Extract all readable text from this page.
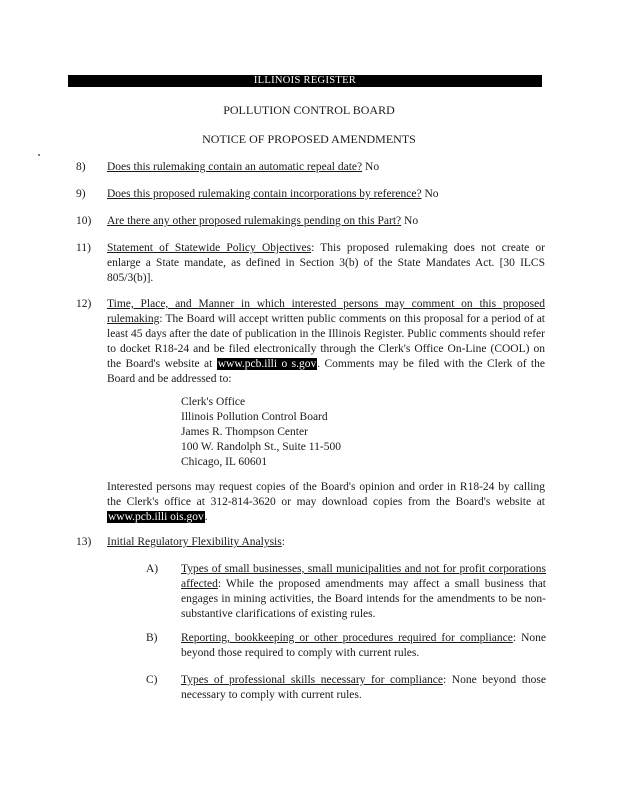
ILLINOIS REGISTER
POLLUTION CONTROL BOARD
NOTICE OF PROPOSED AMENDMENTS
8) Does this rulemaking contain an automatic repeal date? No
9) Does this proposed rulemaking contain incorporations by reference? No
10) Are there any other proposed rulemakings pending on this Part? No
11) Statement of Statewide Policy Objectives: This proposed rulemaking does not create or enlarge a State mandate, as defined in Section 3(b) of the State Mandates Act. [30 ILCS 805/3(b)].
12) Time, Place, and Manner in which interested persons may comment on this proposed rulemaking: The Board will accept written public comments on this proposal for a period of at least 45 days after the date of publication in the Illinois Register. Public comments should refer to docket R18-24 and be filed electronically through the Clerk's Office On-Line (COOL) on the Board's website at www.pcb.illi o s.gov. Comments may be filed with the Clerk of the Board and be addressed to:
Clerk's Office
Illinois Pollution Control Board
James R. Thompson Center
100 W. Randolph St., Suite 11-500
Chicago, IL 60601
Interested persons may request copies of the Board's opinion and order in R18-24 by calling the Clerk's office at 312-814-3620 or may download copies from the Board's website at www.pcb.illi ois.gov.
13) Initial Regulatory Flexibility Analysis:
A) Types of small businesses, small municipalities and not for profit corporations affected: While the proposed amendments may affect a small business that engages in mining activities, the Board intends for the amendments to be non-substantive clarifications of existing rules.
B) Reporting, bookkeeping or other procedures required for compliance: None beyond those required to comply with current rules.
C) Types of professional skills necessary for compliance: None beyond those necessary to comply with current rules.
